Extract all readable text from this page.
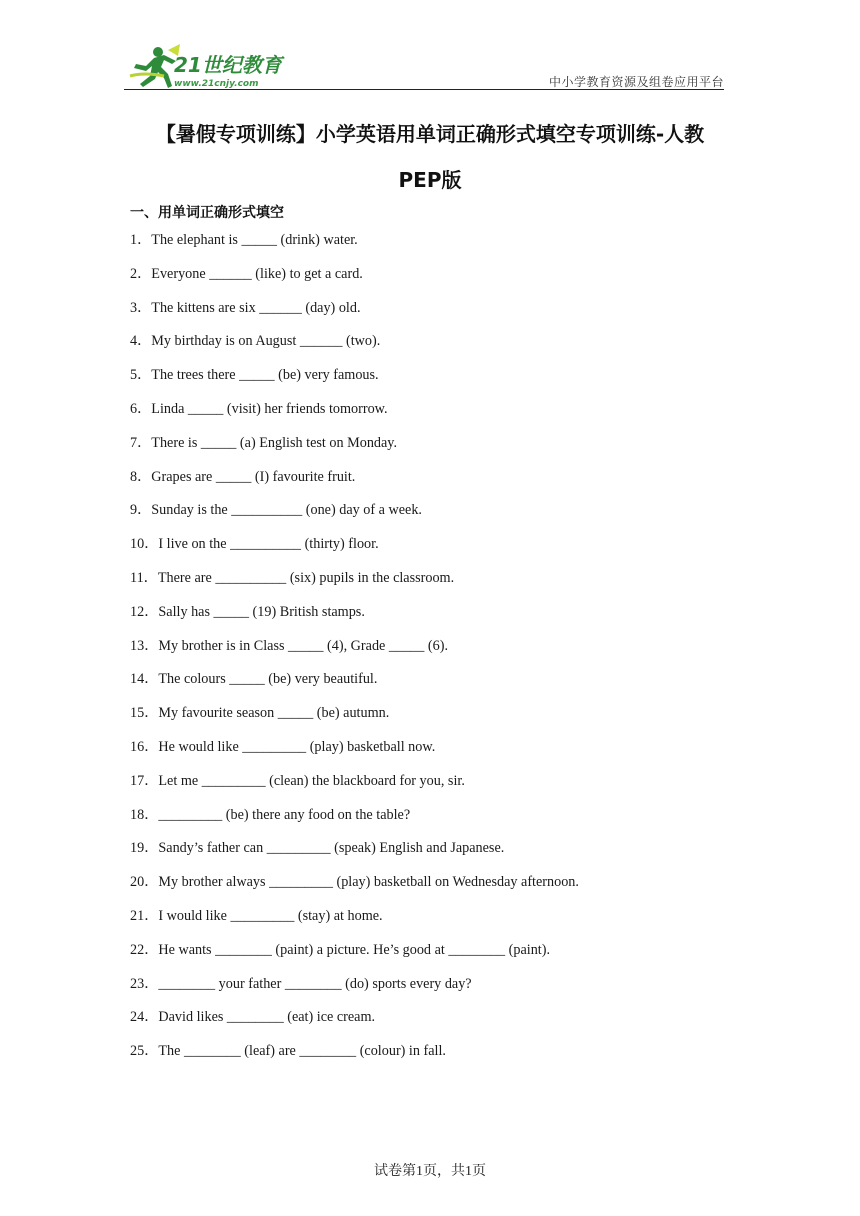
21世纪教育
www.21cnjy.com	中小学教育资源及组卷应用平台
【暑假专项训练】小学英语用单词正确形式填空专项训练-人教
PEP版
一、用单词正确形式填空
1．The elephant is _____ (drink) water.
2．Everyone ______ (like) to get a card.
3．The kittens are six ______ (day) old.
4．My birthday is on August ______ (two).
5．The trees there _____ (be) very famous.
6．Linda _____ (visit) her friends tomorrow.
7．There is _____ (a) English test on Monday.
8．Grapes are _____ (I) favourite fruit.
9．Sunday is the __________ (one) day of a week.
10．I live on the __________ (thirty) floor.
11．There are __________ (six) pupils in the classroom.
12．Sally has _____ (19) British stamps.
13．My brother is in Class _____ (4), Grade _____ (6).
14．The colours _____ (be) very beautiful.
15．My favourite season _____ (be) autumn.
16．He would like _________ (play) basketball now.
17．Let me _________ (clean) the blackboard for you, sir.
18．_________ (be) there any food on the table?
19．Sandy’s father can _________ (speak) English and Japanese.
20．My brother always _________ (play) basketball on Wednesday afternoon.
21．I would like _________ (stay) at home.
22．He wants ________ (paint) a picture. He’s good at ________ (paint).
23．________ your father ________ (do) sports every day?
24．David likes ________ (eat) ice cream.
25．The ________ (leaf) are ________ (colour) in fall.
试卷第1页，共1页
